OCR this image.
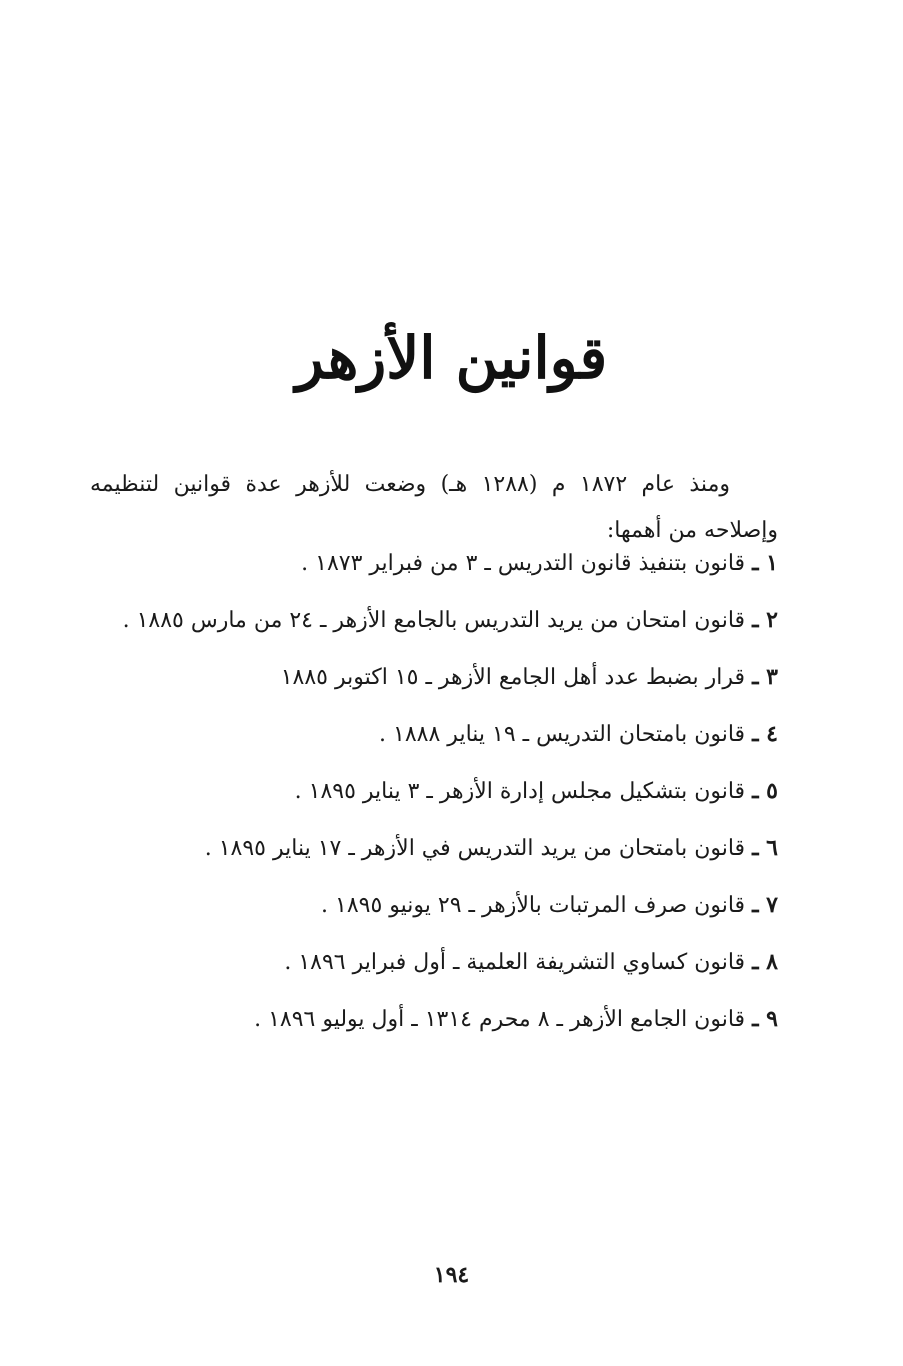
قوانين الأزهر

ومنذ عام ١٨٧٢ م (١٢٨٨ هـ) وضعت للأزهر عدة قوانين لتنظيمه وإصلاحه من أهمها:

١ ـ قانون بتنفيذ قانون التدريس ـ ٣ من فبراير ١٨٧٣ .
٢ ـ قانون امتحان من يريد التدريس بالجامع الأزهر ـ ٢٤ من مارس ١٨٨٥ .
٣ ـ قرار بضبط عدد أهل الجامع الأزهر ـ ١٥ اكتوبر ١٨٨٥
٤ ـ قانون بامتحان التدريس ـ ١٩ يناير ١٨٨٨ .
٥ ـ قانون بتشكيل مجلس إدارة الأزهر ـ ٣ يناير ١٨٩٥ .
٦ ـ قانون بامتحان من يريد التدريس في الأزهر ـ ١٧ يناير ١٨٩٥ .
٧ ـ قانون صرف المرتبات بالأزهر ـ ٢٩ يونيو ١٨٩٥ .
٨ ـ قانون كساوي التشريفة العلمية ـ أول فبراير ١٨٩٦ .
٩ ـ قانون الجامع الأزهر ـ ٨ محرم ١٣١٤ ـ أول يوليو ١٨٩٦ .
١٩٤
